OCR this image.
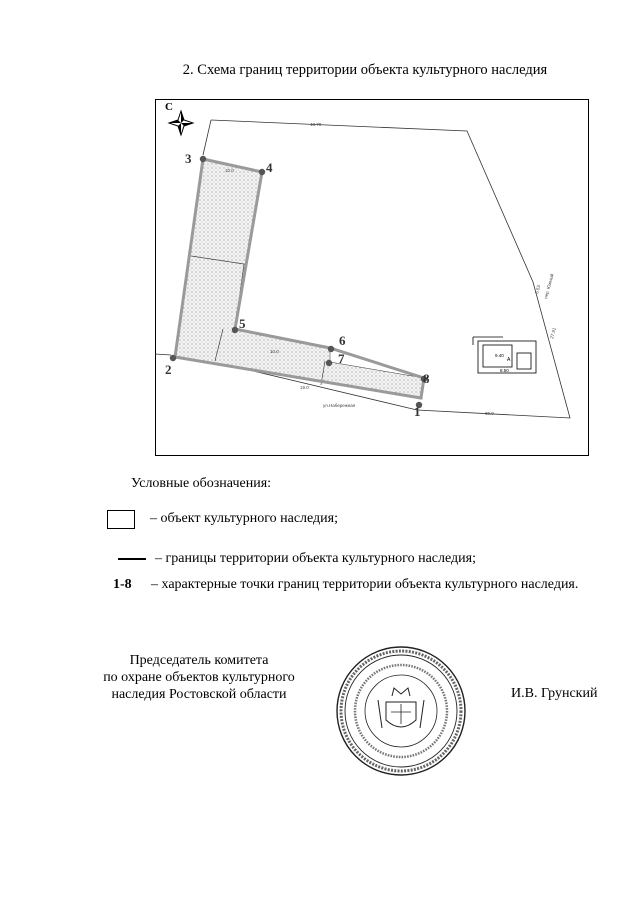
2. Схема границ территории объекта культурного наследия
С
А
9.40
8.50
1
2
3
4
5
6
7
8
48.70
10.0
5.53
27.91
19.0
30.0
10.0
ул.Набережная
пер. Южный
Условные обозначения:
– объект культурного наследия;
– границы территории объекта культурного наследия;
1-8 – характерные точки границ территории объекта культурного наследия.
Председатель комитета
по охране объектов культурного
наследия Ростовской области	И.В. Грунский
